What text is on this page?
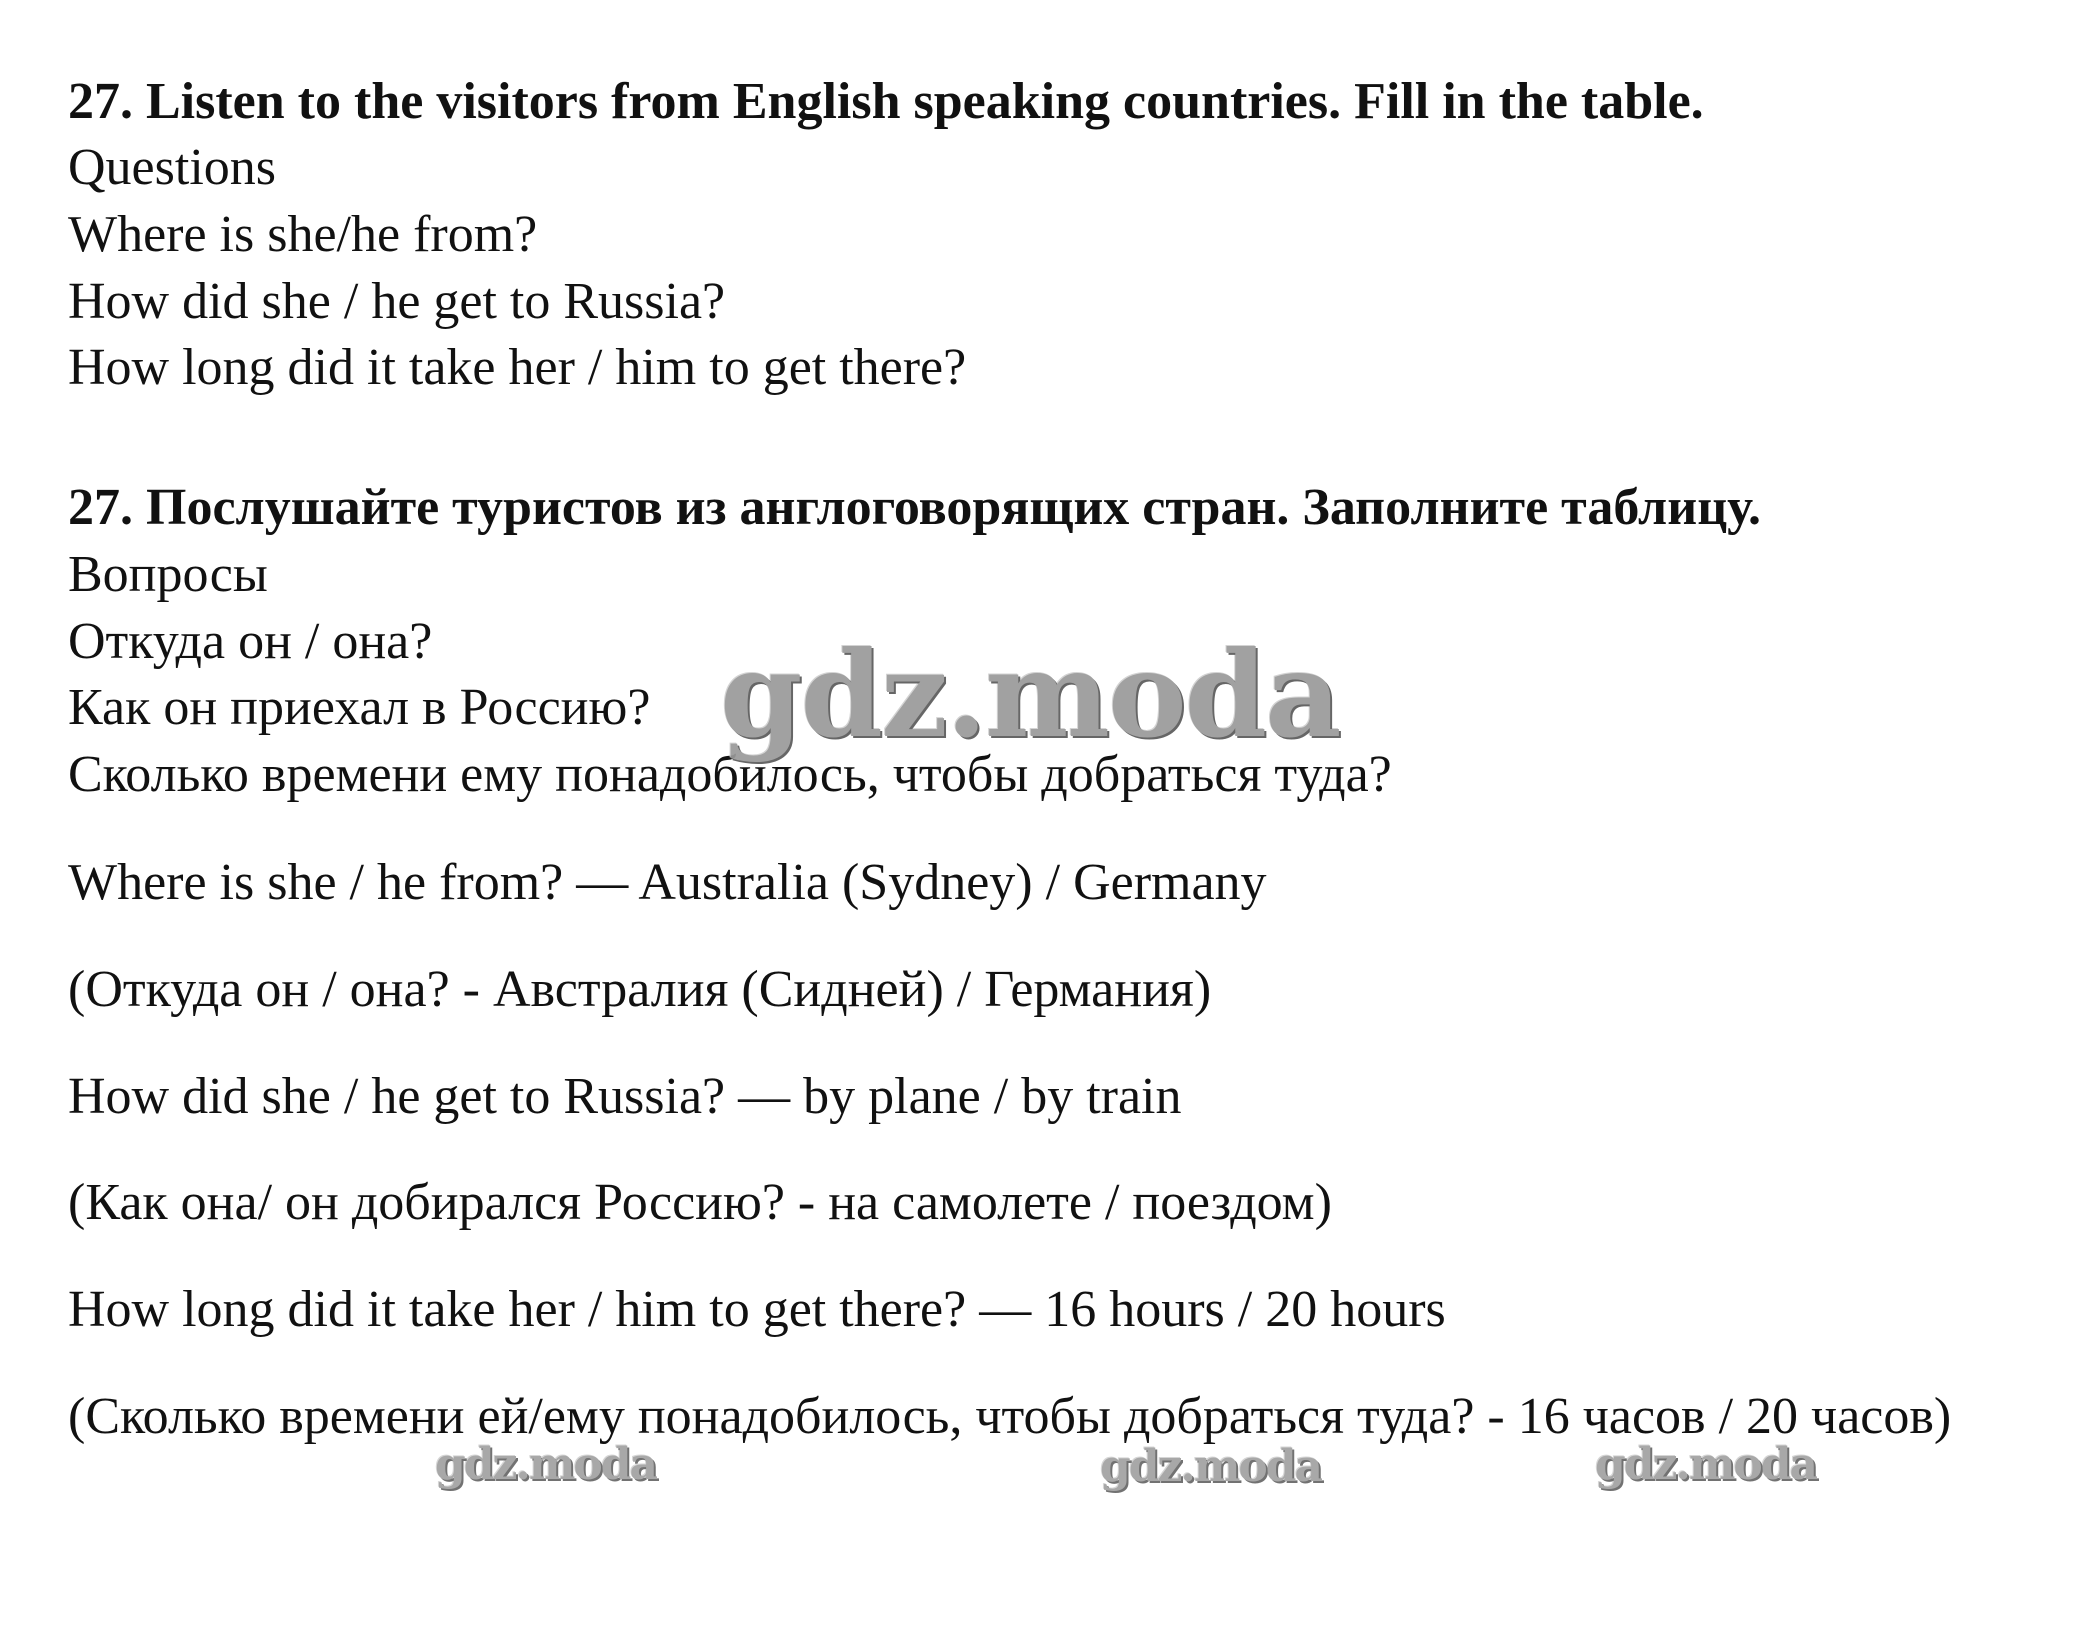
27. Listen to the visitors from English speaking countries. Fill in the table.
Questions
Where is she/he from?
How did she / he get to Russia?
How long did it take her / him to get there?
27. Послушайте туристов из англоговорящих стран. Заполните таблицу.
Вопросы
Откуда он / она?
Как он приехал в Россию?
Сколько времени ему понадобилось, чтобы добраться туда?
Where is she / he from? — Australia (Sydney) / Germany
(Откуда он / она? - Австралия (Сидней) / Германия)
How did she / he get to Russia? — by plane / by train
(Как она/ он добирался Россию? - на самолете / поездом)
How long did it take her / him to get there? — 16 hours / 20 hours
(Сколько времени ей/ему понадобилось, чтобы добраться туда? - 16 часов / 20 часов)
gdz.moda
gdz.moda	gdz.moda	gdz.moda
